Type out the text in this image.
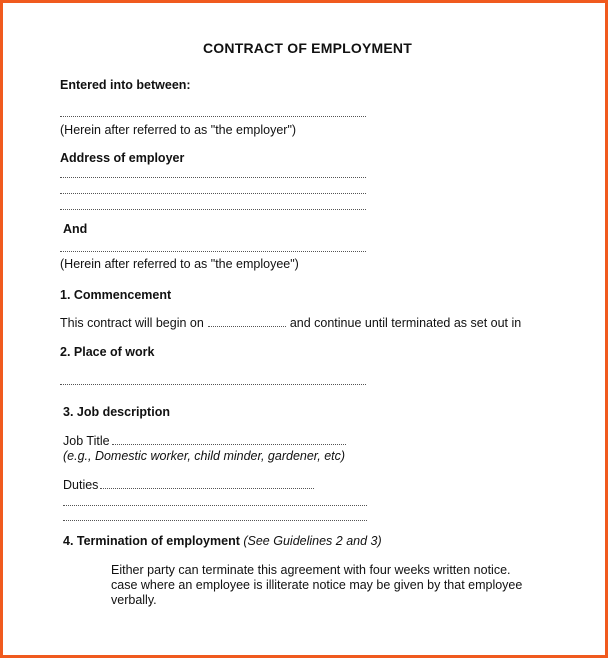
CONTRACT OF EMPLOYMENT
Entered into between:
(Herein after referred to as "the employer")
Address of employer
And
(Herein after referred to as "the employee")
1. Commencement
This contract will begin on	and continue until terminated as set out in
2. Place of work
3. Job description
Job Title
(e.g., Domestic worker, child minder, gardener, etc)
Duties
4. Termination of employment (See Guidelines 2 and 3)
Either party can terminate this agreement with four weeks written notice.
case where an employee is illiterate notice may be given by that employee
verbally.
